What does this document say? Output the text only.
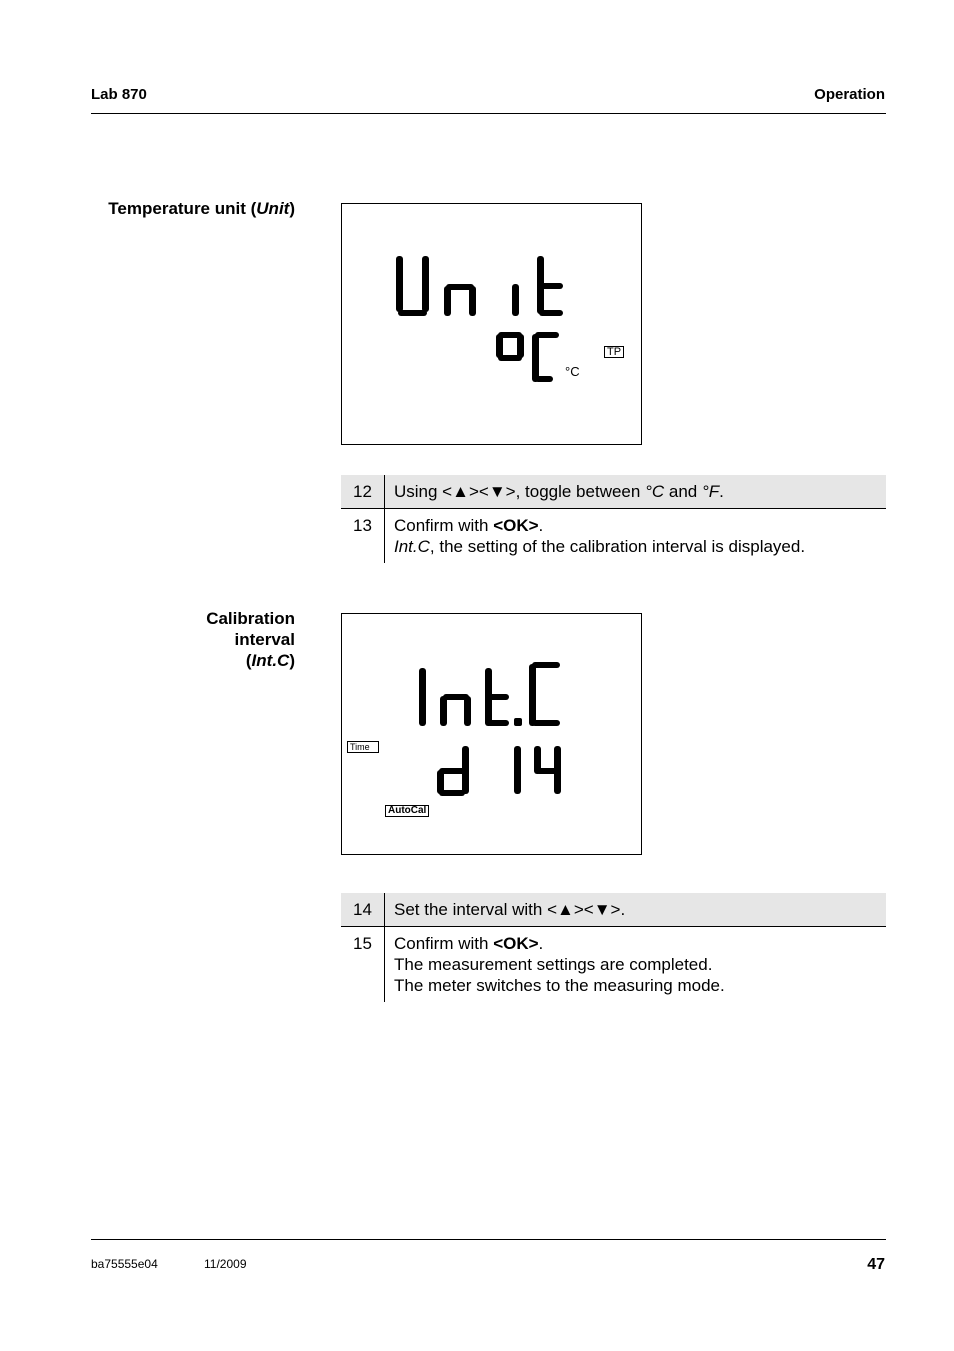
Lab 870	Operation
Temperature unit (Unit)
°C
TP
12	Using <▲><▼>, toggle between °C and °F.
13	Confirm with <OK>.
Int.C, the setting of the calibration interval is displayed.
Calibration
interval
(Int.C)
Time
AutoCal
14	Set the interval with <▲><▼>.
15	Confirm with <OK>.
The measurement settings are completed.
The meter switches to the measuring mode.
ba75555e04	11/2009	47
